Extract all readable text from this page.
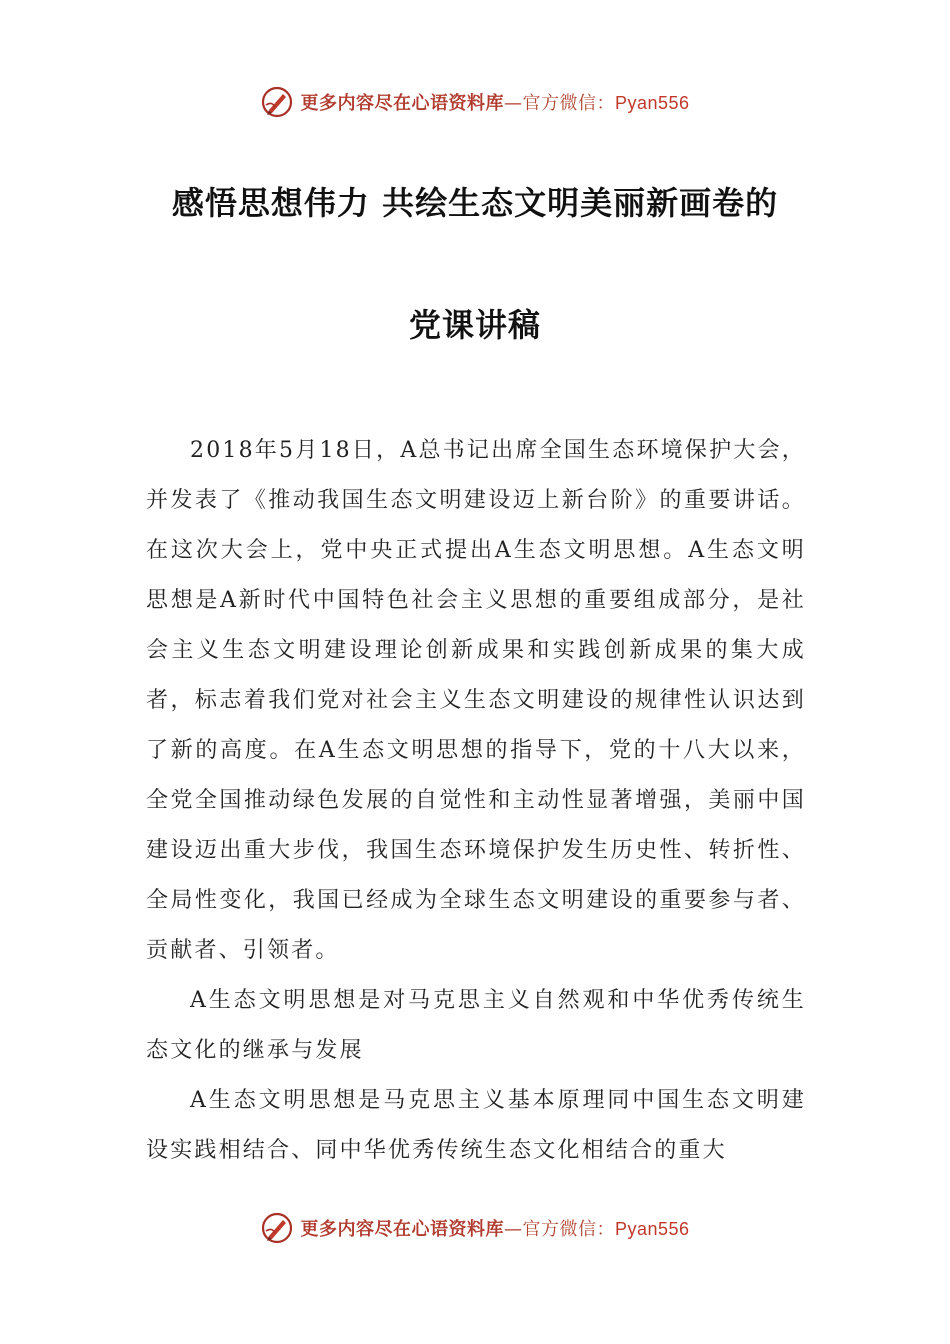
更多内容尽在心语资料库—官方微信：Pyan556
感悟思想伟力 共绘生态文明美丽新画卷的
党课讲稿

2018年5月18日，A总书记出席全国生态环境保护大会，并发表了《推动我国生态文明建设迈上新台阶》的重要讲话。在这次大会上，党中央正式提出A生态文明思想。A生态文明思想是A新时代中国特色社会主义思想的重要组成部分，是社会主义生态文明建设理论创新成果和实践创新成果的集大成者，标志着我们党对社会主义生态文明建设的规律性认识达到了新的高度。在A生态文明思想的指导下，党的十八大以来，全党全国推动绿色发展的自觉性和主动性显著增强，美丽中国建设迈出重大步伐，我国生态环境保护发生历史性、转折性、全局性变化，我国已经成为全球生态文明建设的重要参与者、贡献者、引领者。

A生态文明思想是对马克思主义自然观和中华优秀传统生态文化的继承与发展

A生态文明思想是马克思主义基本原理同中国生态文明建设实践相结合、同中华优秀传统生态文化相结合的重大

更多内容尽在心语资料库—官方微信：Pyan556
